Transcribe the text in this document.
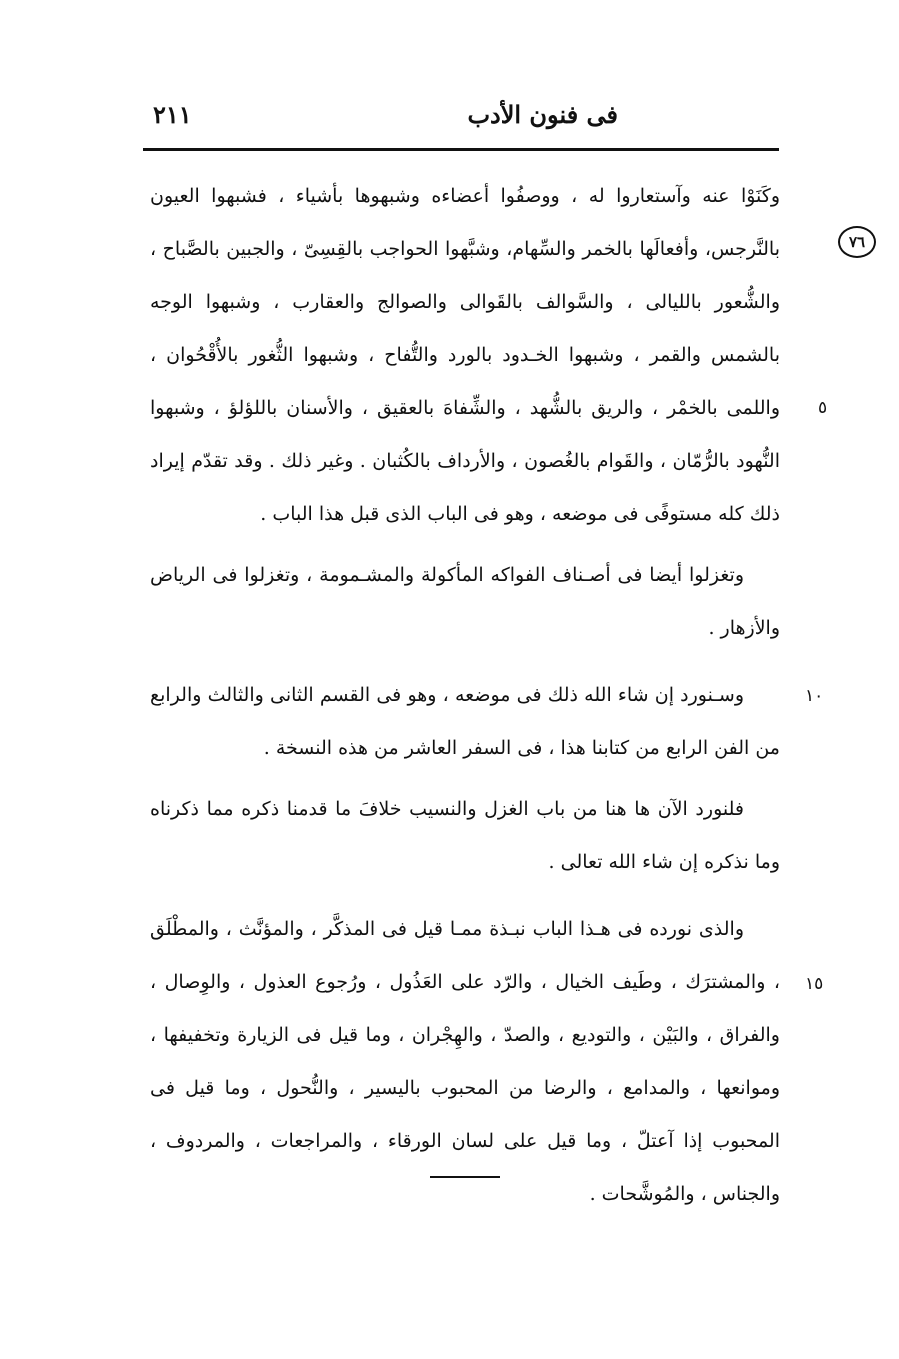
فى فنون الأدب
٢١١
٧٦
٥
١٠
١٥

وكَنَوْا عنه وآستعاروا له ، ووصفُوا أعضاءه وشبهوها بأشياء ، فشبهوا العيون بالنَّرجس، وأفعالَها بالخمر والسِّهام، وشبَّهوا الحواجب بالقِسِىّ ، والجبين بالصَّباح ، والشُّعور بالليالى ، والسَّوالف بالقَوالى والصوالج والعقارب ، وشبهوا الوجه بالشمس والقمر ، وشبهوا الخـدود بالورد والتُّفاح ، وشبهوا الثُّغور بالأُقْحُوان ، واللمى بالخمْر ، والريق بالشُّهد ، والشِّفاهَ بالعقيق ، والأسنان باللؤلؤ ، وشبهوا النُّهود بالرُّمّان ، والقَوام بالغُصون ، والأرداف بالكُثبان . وغير ذلك . وقد تقدّم إيراد ذلك كله مستوفًى فى موضعه ، وهو فى الباب الذى قبل هذا الباب .

وتغزلوا أيضا فى أصـناف الفواكه المأكولة والمشـمومة ، وتغزلوا فى الرياض والأزهار .

وسـنورد إن شاء الله ذلك فى موضعه ، وهو فى القسم الثانى والثالث والرابع من الفن الرابع من كتابنا هذا ، فى السفر العاشر من هذه النسخة .

فلنورد الآن ها هنا من باب الغزل والنسيب خلافَ ما قدمنا ذكره مما ذكرناه وما نذكره إن شاء الله تعالى .

والذى نورده فى هـذا الباب نبـذة ممـا قيل فى المذكَّر ، والمؤنَّث ، والمطْلَق ، والمشترَك ، وطَيف الخيال ، والرّد على العَذُول ، ورُجوع العذول ، والوِصال ، والفراق ، والبَيْن ، والتوديع ، والصدّ ، والهِجْران ، وما قيل فى الزيارة وتخفيفها ، وموانعها ، والمدامع ، والرضا من المحبوب باليسير ، والنُّحول ، وما قيل فى المحبوب إذا آعتلّ ، وما قيل على لسان الورقاء ، والمراجعات ، والمردوف ، والجناس ، والمُوشَّحات .
